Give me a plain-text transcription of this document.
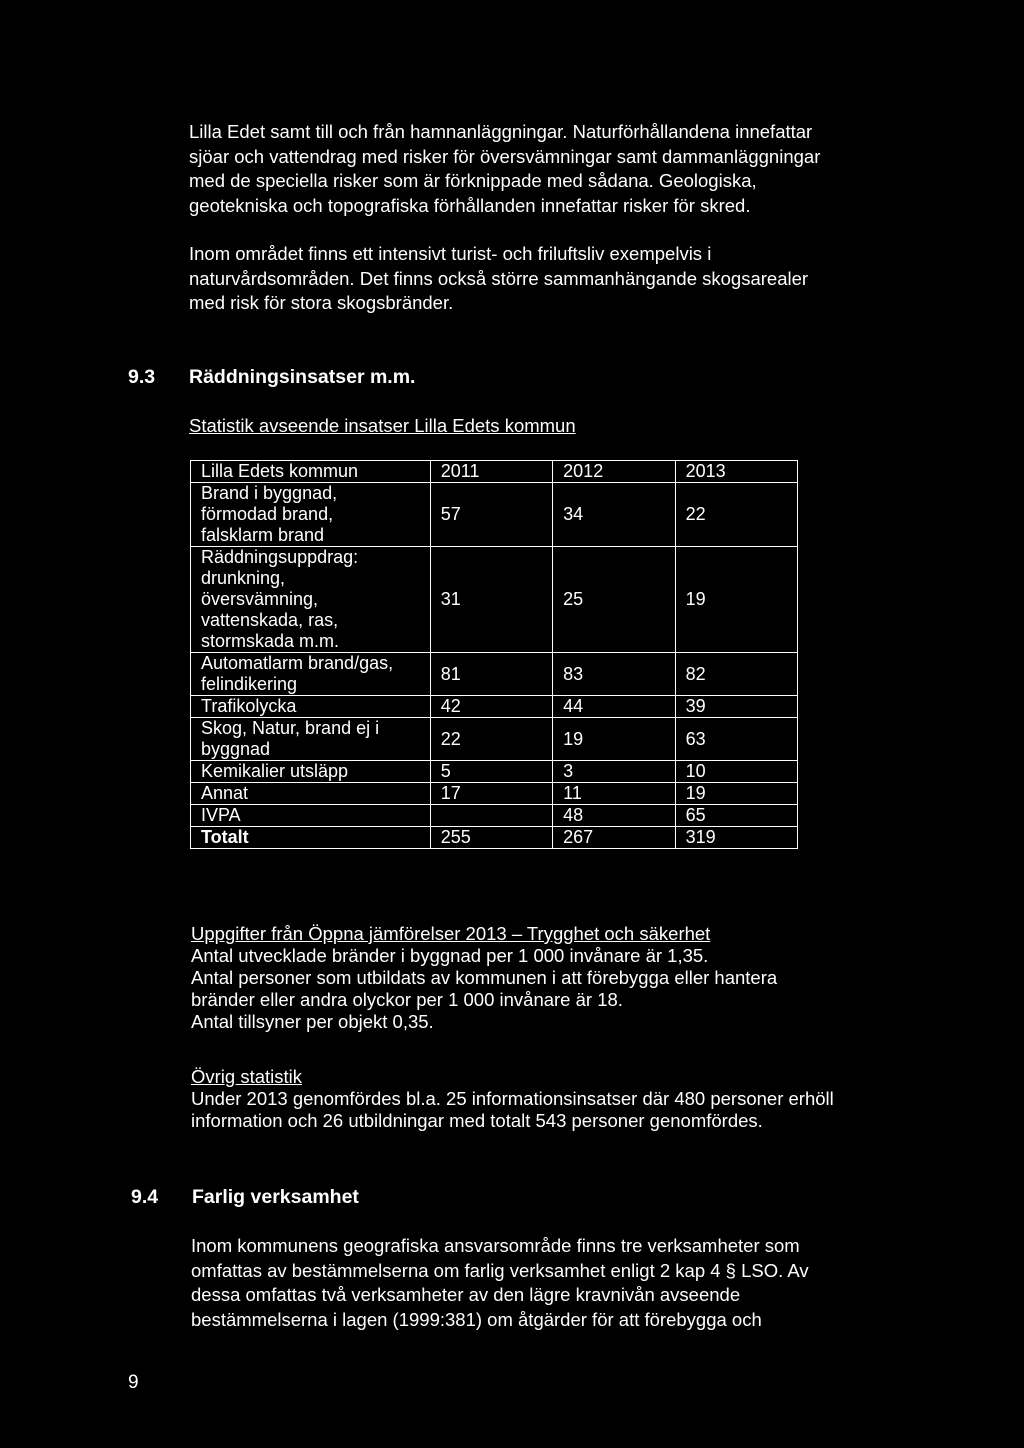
Lilla Edet samt till och från hamnanläggningar. Naturförhållandena innefattar
sjöar och vattendrag med risker för översvämningar samt dammanläggningar
med de speciella risker som är förknippade med sådana. Geologiska,
geotekniska och topografiska förhållanden innefattar risker för skred.
Inom området finns ett intensivt turist- och friluftsliv exempelvis i
naturvårdsområden. Det finns också större sammanhängande skogsarealer
med risk för stora skogsbränder.
9.3 Räddningsinsatser m.m.
Statistik avseende insatser Lilla Edets kommun
Lilla Edets kommun	2011	2012	2013
Brand i byggnad,
förmodad brand,
falsklarm brand	57	34	22
Räddningsuppdrag:
drunkning,
översvämning,
vattenskada, ras,
stormskada m.m.	31	25	19
Automatlarm brand/gas,
felindikering	81	83	82
Trafikolycka	42	44	39
Skog, Natur, brand ej i
byggnad	22	19	63
Kemikalier utsläpp	5	3	10
Annat	17	11	19
IVPA		48	65
Totalt	255	267	319
Uppgifter från Öppna jämförelser 2013 – Trygghet och säkerhet
Antal utvecklade bränder i byggnad per 1 000 invånare är 1,35.
Antal personer som utbildats av kommunen i att förebygga eller hantera
bränder eller andra olyckor per 1 000 invånare är 18.
Antal tillsyner per objekt 0,35.
Övrig statistik
Under 2013 genomfördes bl.a. 25 informationsinsatser där 480 personer erhöll
information och 26 utbildningar med totalt 543 personer genomfördes.
9.4 Farlig verksamhet
Inom kommunens geografiska ansvarsområde finns tre verksamheter som
omfattas av bestämmelserna om farlig verksamhet enligt 2 kap 4 § LSO. Av
dessa omfattas två verksamheter av den lägre kravnivån avseende
bestämmelserna i lagen (1999:381) om åtgärder för att förebygga och
9
